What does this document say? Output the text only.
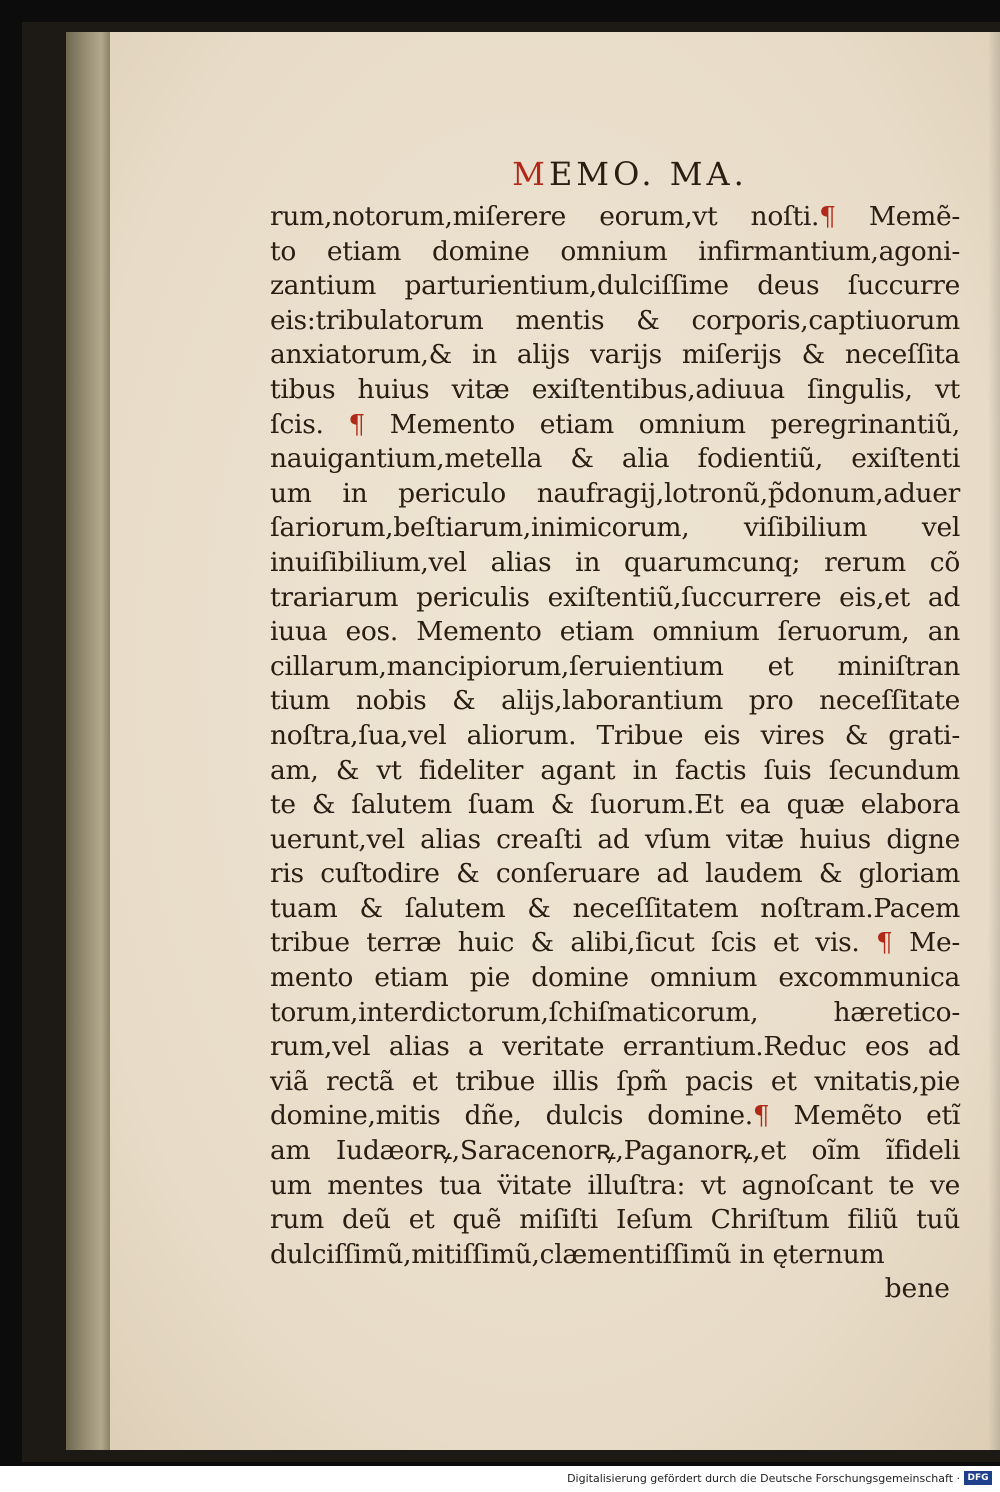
MEMO. MA.
rum,notorum,miſerere eorum,vt noſti.¶ Memẽ-
to etiam domine omnium infirmantium,agoni-
zantium parturientium,dulciſſime deus ſuccurre
eis:tribulatorum mentis & corporis,captiuorum
anxiatorum,& in alijs varijs miſerijs & neceſſita
tibus huius vitæ exiſtentibus,adiuua ſingulis, vt
ſcis. ¶ Memento etiam omnium peregrinantiũ,
nauigantium,metella & alia fodientiũ, exiſtenti
um in periculo naufragij,lotronũ,p̃donum,aduer
ſariorum,beſtiarum,inimicorum, viſibilium vel
inuiſibilium,vel alias in quarumcunq; rerum cõ
trariarum periculis exiſtentiũ,ſuccurrere eis,et ad
iuua eos. Memento etiam omnium ſeruorum, an
cillarum,mancipiorum,ſeruientium et miniſtran
tium nobis & alijs,laborantium pro neceſſitate
noſtra,ſua,vel aliorum. Tribue eis vires & grati-
am, & vt fideliter agant in factis ſuis ſecundum
te & ſalutem ſuam & ſuorum.Et ea quæ elabora
uerunt,vel alias creaſti ad vſum vitæ huius digne
ris cuſtodire & conſeruare ad laudem & gloriam
tuam & ſalutem & neceſſitatem noſtram.Pacem
tribue terræ huic & alibi,ſicut ſcis et vis. ¶ Me-
mento etiam pie domine omnium excommunica
torum,interdictorum,ſchiſmaticorum, hæretico-
rum,vel alias a veritate errantium.Reduc eos ad
viã rectã et tribue illis ſpm̃ pacis et vnitatis,pie
domine,mitis dñe, dulcis domine.¶ Memẽto etĩ
am Iudæorꝶ,Saracenorꝶ,Paganorꝶ,et oĩm ĩfideli
um mentes tua v̈itate illuſtra: vt agnoſcant te ve
rum deũ et quẽ miſiſti Ieſum Chriſtum filiũ tuũ
dulciſſimũ,mitiſſimũ,clæmentiſſimũ in ęternum
bene
Digitalisierung gefördert durch die Deutsche Forschungsgemeinschaft · DFG
